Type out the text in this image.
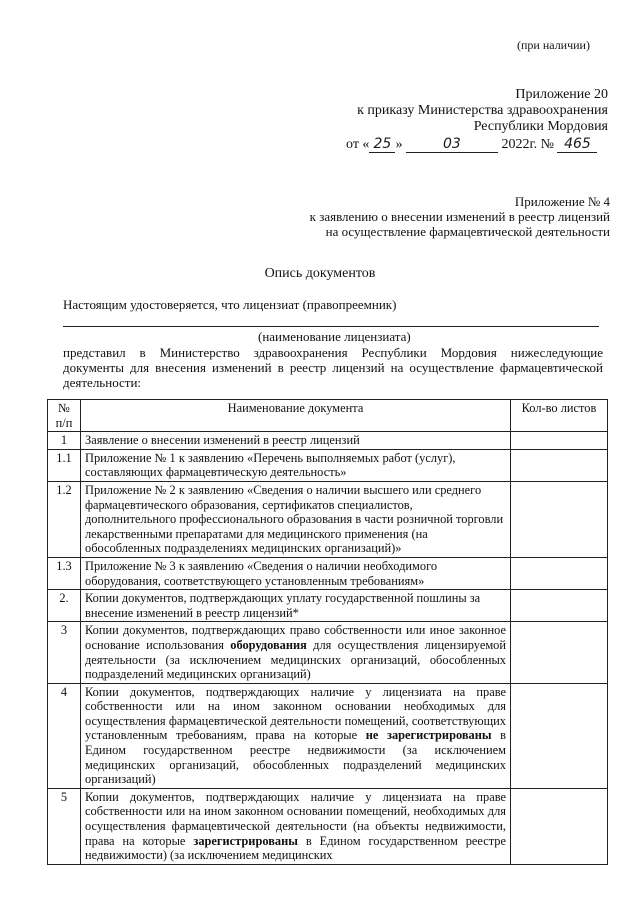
(при наличии)
Приложение 20
к приказу Министерства здравоохранения
Республики Мордовия
от « 25 »	03	2022г. № 465
Приложение № 4
к заявлению о внесении изменений в реестр лицензий
на осуществление фармацевтической деятельности
Опись документов
Настоящим удостоверяется, что лицензиат (правопреемник)
(наименование лицензиата)
представил в Министерство здравоохранения Республики Мордовия нижеследующие документы для внесения изменений в реестр лицензий на осуществление фармацевтической деятельности:
№ п/п	Наименование документа	Кол-во листов
1	Заявление о внесении изменений в реестр лицензий	
1.1	Приложение № 1 к заявлению «Перечень выполняемых работ (услуг), составляющих фармацевтическую деятельность»	
1.2	Приложение № 2 к заявлению «Сведения о наличии высшего или среднего фармацевтического образования, сертификатов специалистов, дополнительного профессионального образования в части розничной торговли лекарственными препаратами для медицинского применения (на обособленных подразделениях медицинских организаций)»	
1.3	Приложение № 3 к заявлению «Сведения о наличии необходимого оборудования, соответствующего установленным требованиям»	
2.	Копии документов, подтверждающих уплату государственной пошлины за внесение изменений в реестр лицензий*	
3	Копии документов, подтверждающих право собственности или иное законное основание использования оборудования для осуществления лицензируемой деятельности (за исключением медицинских организаций, обособленных подразделений медицинских организаций)	
4	Копии документов, подтверждающих наличие у лицензиата на праве собственности или на ином законном основании необходимых для осуществления фармацевтической деятельности помещений, соответствующих установленным требованиям, права на которые не зарегистрированы в Едином государственном реестре недвижимости (за исключением медицинских организаций, обособленных подразделений медицинских организаций)	
5	Копии документов, подтверждающих наличие у лицензиата на праве собственности или на ином законном основании помещений, необходимых для осуществления фармацевтической деятельности (на объекты недвижимости, права на которые зарегистрированы в Едином государственном реестре недвижимости) (за исключением медицинских	
